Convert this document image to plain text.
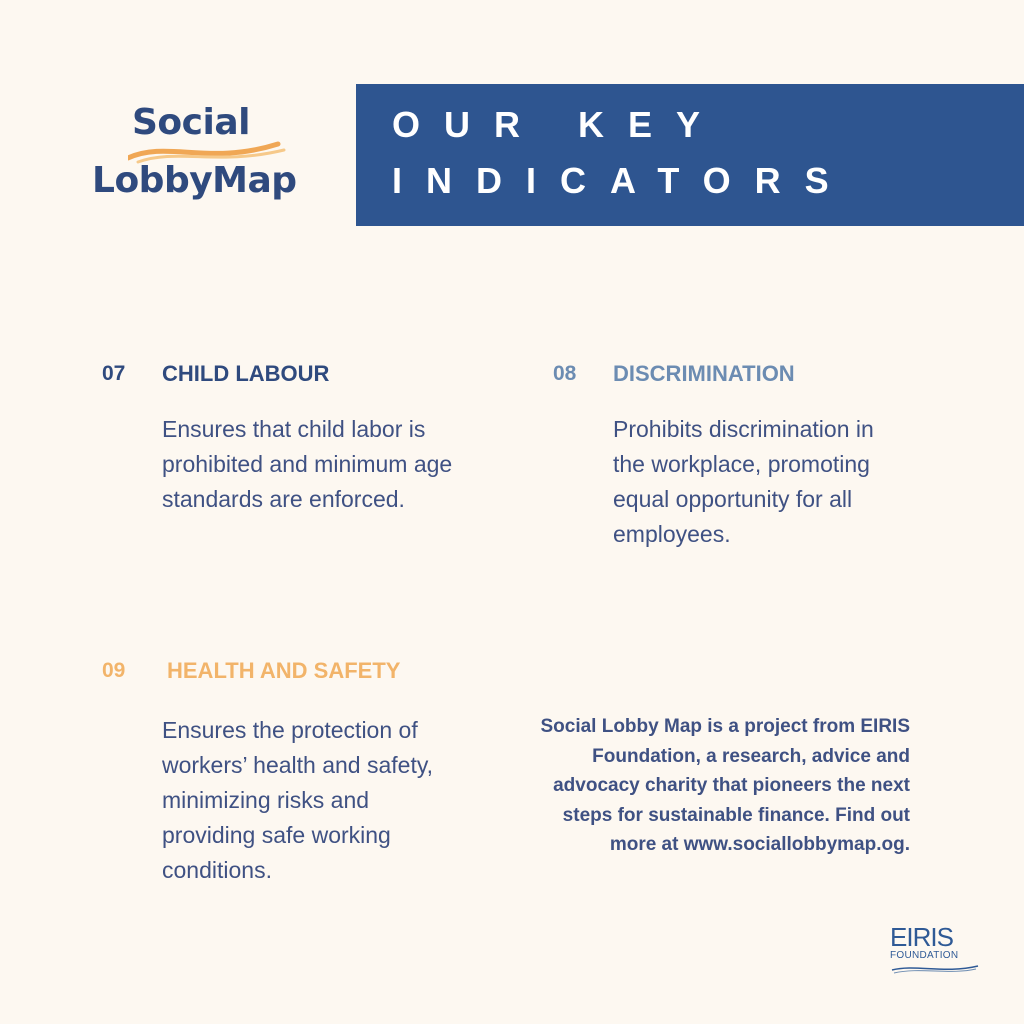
Social
LobbyMap
OUR KEY
INDICATORS
07 CHILD LABOUR
Ensures that child labor is prohibited and minimum age standards are enforced.
08 DISCRIMINATION
Prohibits discrimination in the workplace, promoting equal opportunity for all employees.
09 HEALTH AND SAFETY
Ensures the protection of workers’ health and safety, minimizing risks and providing safe working conditions.
Social Lobby Map is a project from EIRIS Foundation, a research, advice and advocacy charity that pioneers the next steps for sustainable finance. Find out more at www.sociallobbymap.og.
EIRIS
FOUNDATION
